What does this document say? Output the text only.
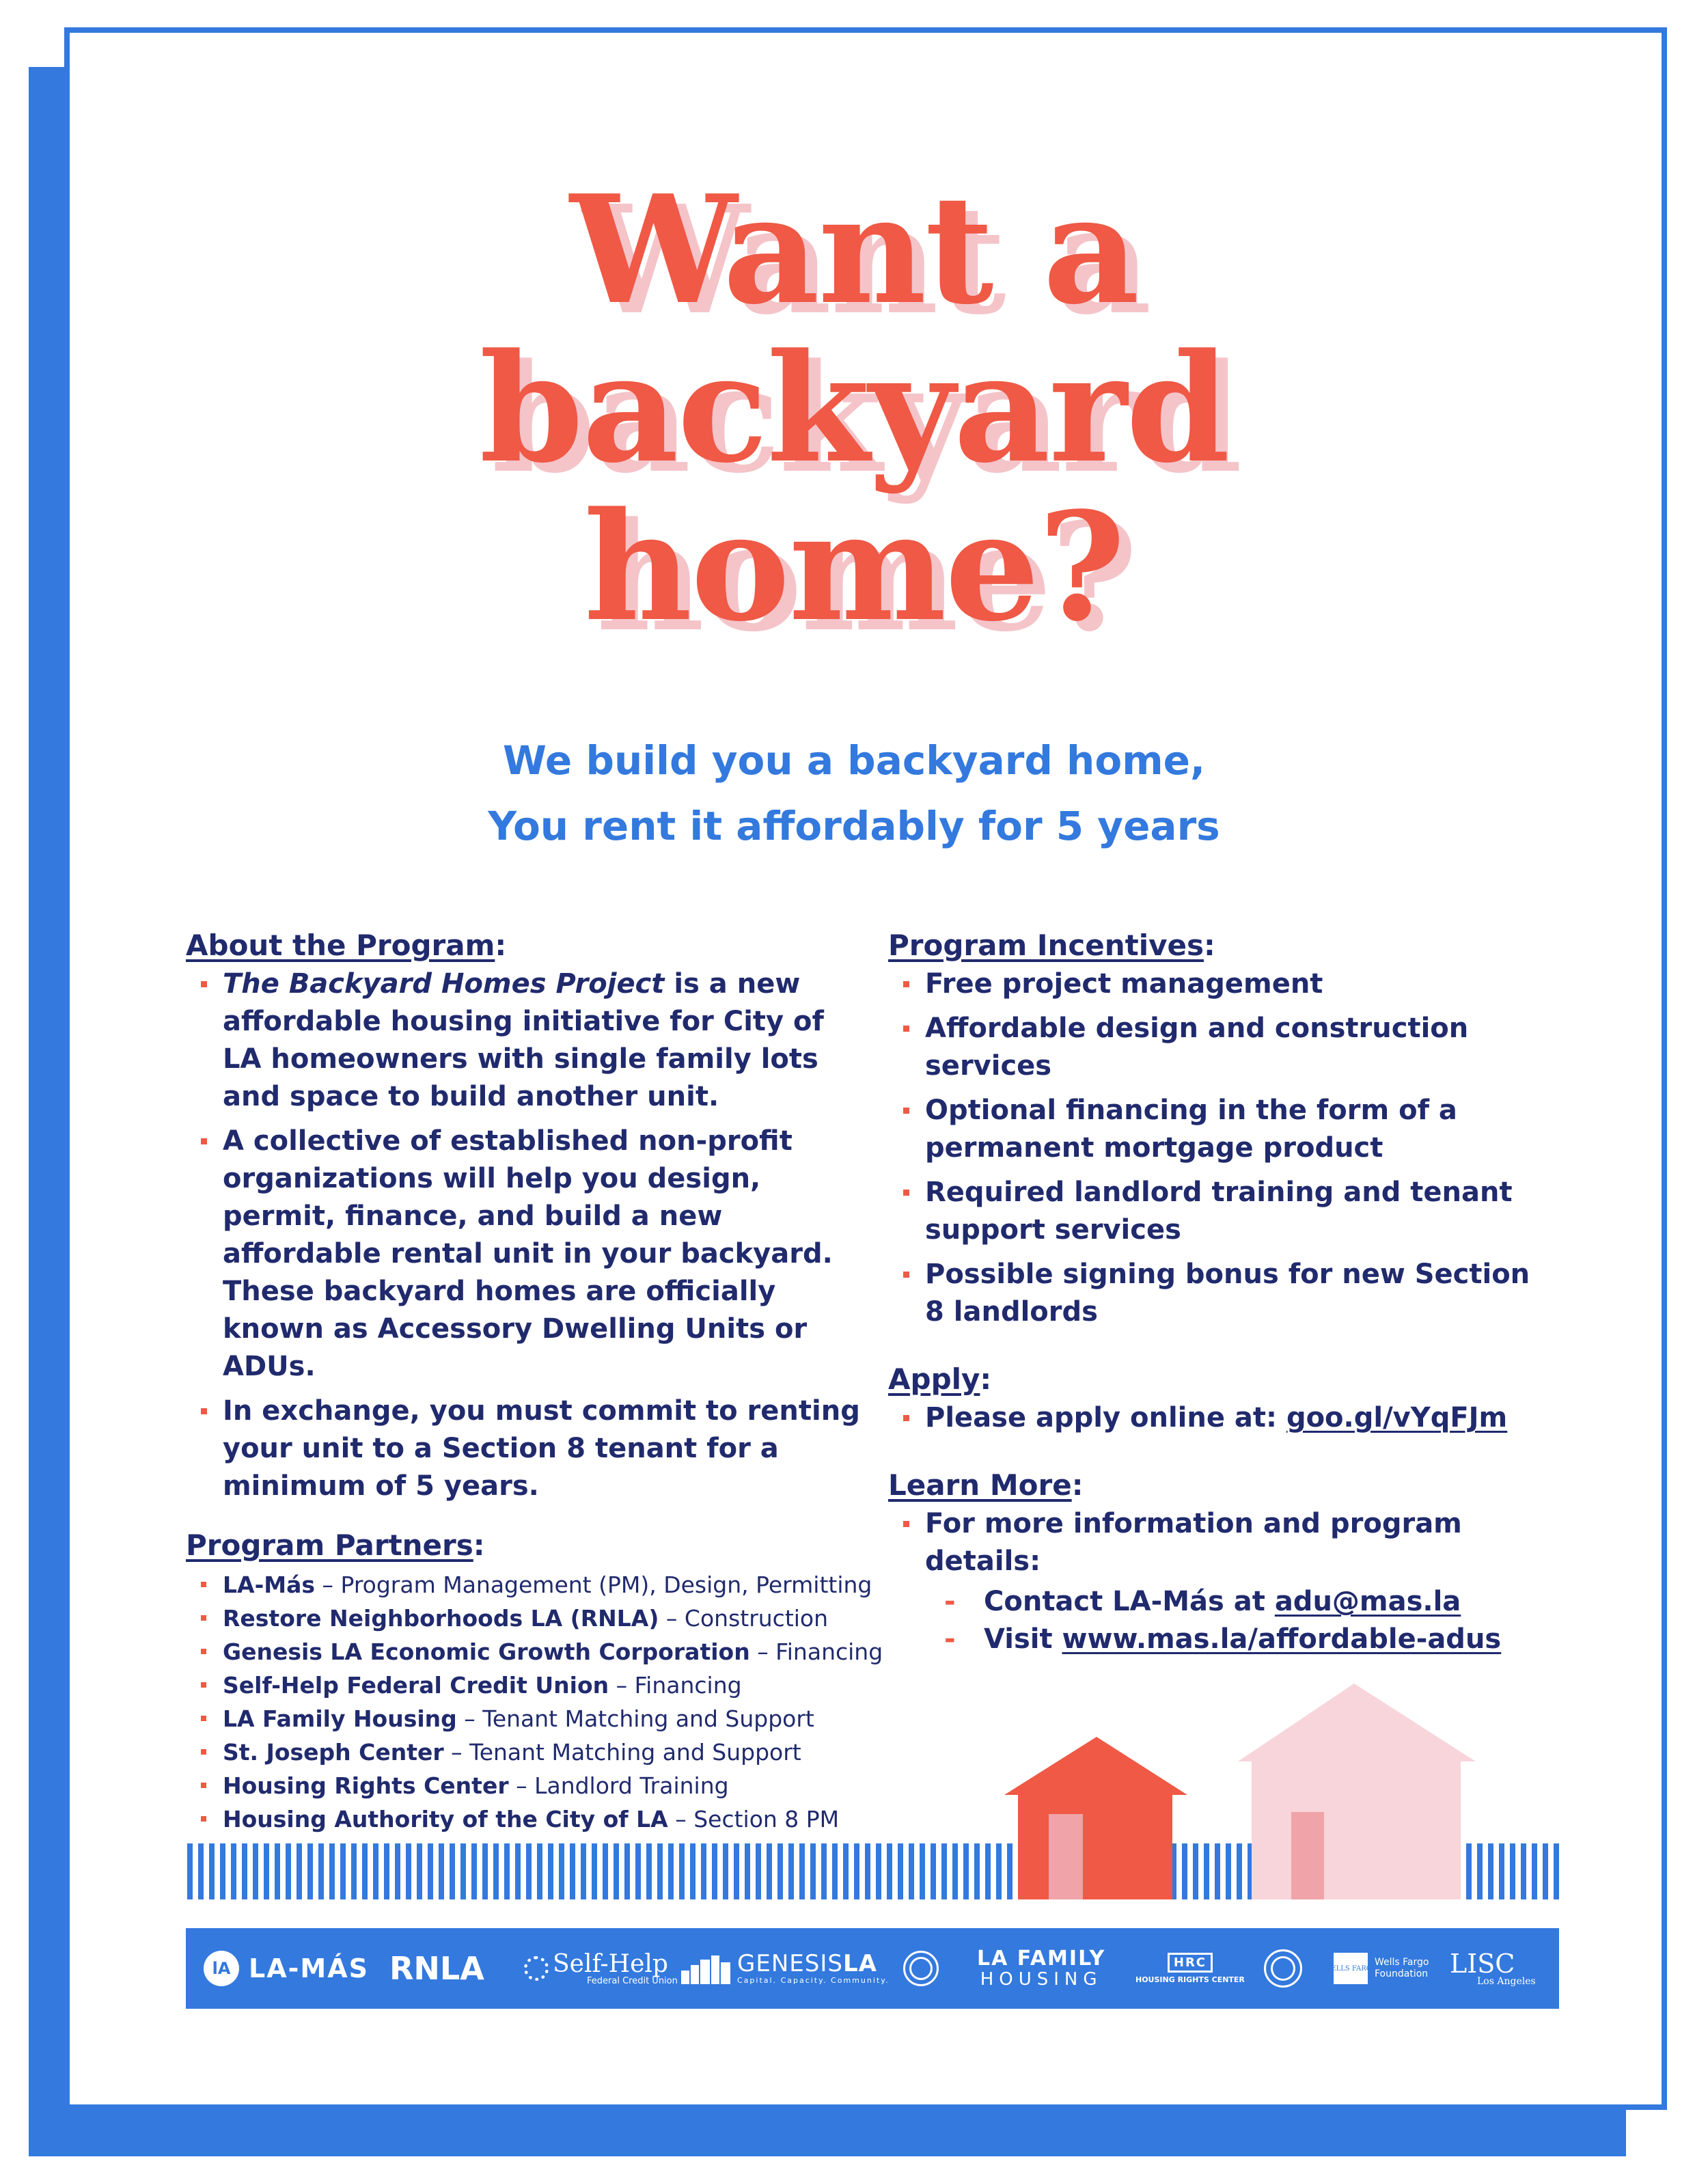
Want a
backyard
home?
We build you a backyard home,
You rent it affordably for 5 years
About the Program:
The Backyard Homes Project is a new affordable housing initiative for City of LA homeowners with single family lots and space to build another unit.
A collective of established non-profit organizations will help you design, permit, finance, and build a new affordable rental unit in your backyard. These backyard homes are officially known as Accessory Dwelling Units or ADUs.
In exchange, you must commit to renting your unit to a Section 8 tenant for a minimum of 5 years.
Program Partners:
LA-Más – Program Management (PM), Design, Permitting
Restore Neighborhoods LA (RNLA) – Construction
Genesis LA Economic Growth Corporation – Financing
Self-Help Federal Credit Union – Financing
LA Family Housing – Tenant Matching and Support
St. Joseph Center – Tenant Matching and Support
Housing Rights Center – Landlord Training
Housing Authority of the City of LA – Section 8 PM
Program Incentives:
Free project management
Affordable design and construction services
Optional financing in the form of a permanent mortgage product
Required landlord training and tenant support services
Possible signing bonus for new Section 8 landlords
Apply:
Please apply online at: goo.gl/vYqFJm
Learn More:
For more information and program details:
- Contact LA-Más at adu@mas.la
- Visit www.mas.la/affordable-adus
lA LA-MÁS RNLA	Self-Help
Federal Credit Union
GENESISLA
Capital. Capacity. Community.
LA FAMILY
HOUSING
HRC
HOUSING RIGHTS CENTER
WELLS FARGO
Wells Fargo
Foundation LISC
Los Angeles
